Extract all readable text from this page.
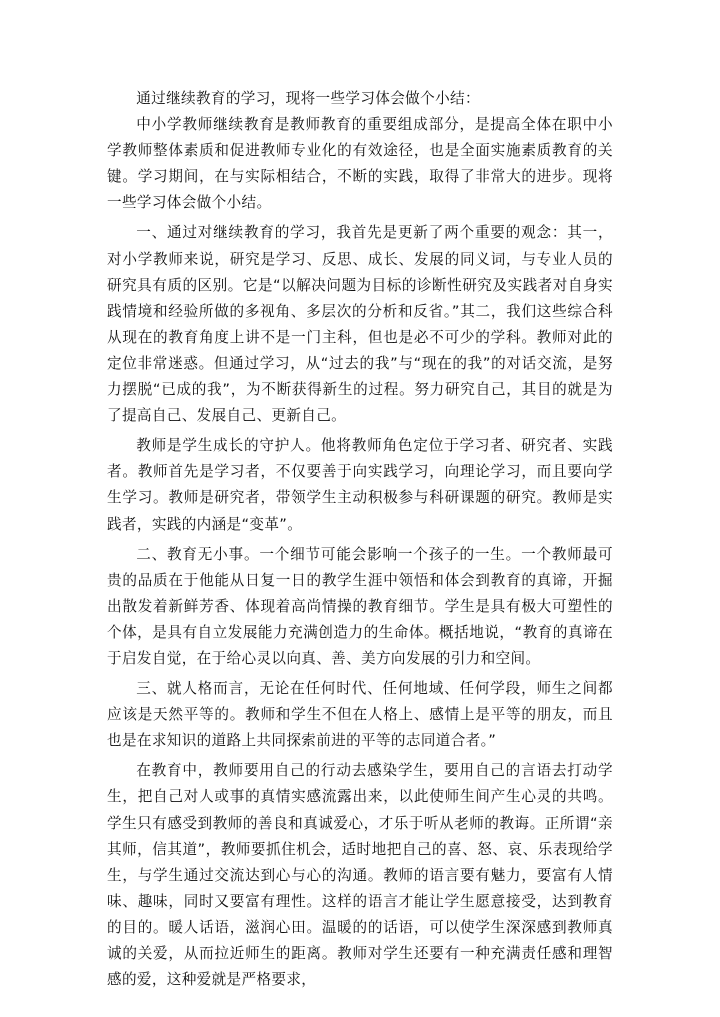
通过继续教育的学习，现将一些学习体会做个小结：

中小学教师继续教育是教师教育的重要组成部分，是提高全体在职中小学教师整体素质和促进教师专业化的有效途径，也是全面实施素质教育的关键。学习期间，在与实际相结合，不断的实践，取得了非常大的进步。现将一些学习体会做个小结。

一、通过对继续教育的学习，我首先是更新了两个重要的观念：其一，对小学教师来说，研究是学习、反思、成长、发展的同义词，与专业人员的研究具有质的区别。它是“以解决问题为目标的诊断性研究及实践者对自身实践情境和经验所做的多视角、多层次的分析和反省。”其二，我们这些综合科从现在的教育角度上讲不是一门主科，但也是必不可少的学科。教师对此的定位非常迷惑。但通过学习，从“过去的我”与“现在的我”的对话交流，是努力摆脱“已成的我”，为不断获得新生的过程。努力研究自己，其目的就是为了提高自己、发展自己、更新自己。

教师是学生成长的守护人。他将教师角色定位于学习者、研究者、实践者。教师首先是学习者，不仅要善于向实践学习，向理论学习，而且要向学生学习。教师是研究者，带领学生主动积极参与科研课题的研究。教师是实践者，实践的内涵是“变革”。

二、教育无小事。一个细节可能会影响一个孩子的一生。一个教师最可贵的品质在于他能从日复一日的教学生涯中领悟和体会到教育的真谛，开掘出散发着新鲜芳香、体现着高尚情操的教育细节。学生是具有极大可塑性的个体，是具有自立发展能力充满创造力的生命体。概括地说，“教育的真谛在于启发自觉，在于给心灵以向真、善、美方向发展的引力和空间。

三、就人格而言，无论在任何时代、任何地域、任何学段，师生之间都应该是天然平等的。教师和学生不但在人格上、感情上是平等的朋友，而且也是在求知识的道路上共同探索前进的平等的志同道合者。”

在教育中，教师要用自己的行动去感染学生，要用自己的言语去打动学生，把自己对人或事的真情实感流露出来，以此使师生间产生心灵的共鸣。学生只有感受到教师的善良和真诚爱心，才乐于听从老师的教诲。正所谓“亲其师，信其道”，教师要抓住机会，适时地把自己的喜、怒、哀、乐表现给学生，与学生通过交流达到心与心的沟通。教师的语言要有魅力，要富有人情味、趣味，同时又要富有理性。这样的语言才能让学生愿意接受，达到教育的目的。暖人话语，滋润心田。温暖的的话语，可以使学生深深感到教师真诚的关爱，从而拉近师生的距离。教师对学生还要有一种充满责任感和理智感的爱，这种爱就是严格要求，
